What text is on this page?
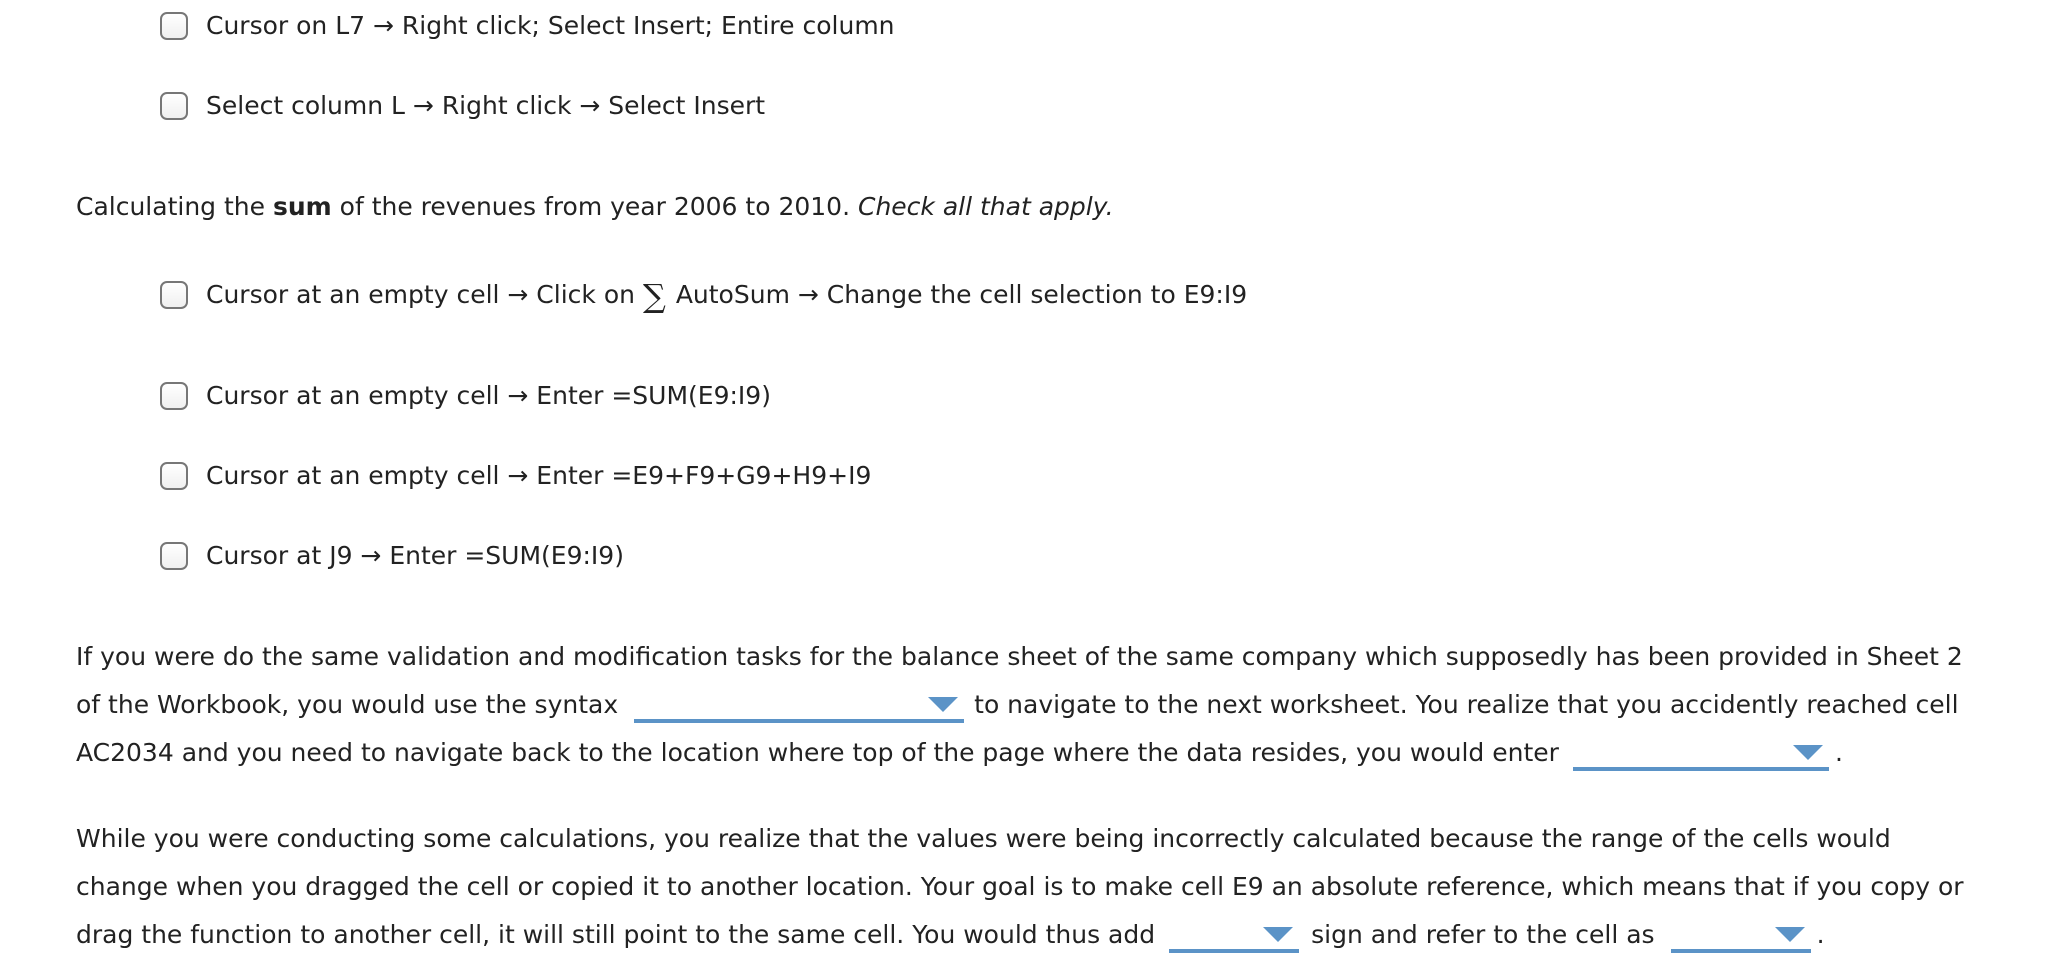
Cursor on L7 → Right click; Select Insert; Entire column
Select column L → Right click → Select Insert
Calculating the sum of the revenues from year 2006 to 2010. Check all that apply.
Cursor at an empty cell → Click on ∑ AutoSum → Change the cell selection to E9:I9
Cursor at an empty cell → Enter =SUM(E9:I9)
Cursor at an empty cell → Enter =E9+F9+G9+H9+I9
Cursor at J9 → Enter =SUM(E9:I9)
If you were do the same validation and modification tasks for the balance sheet of the same company which supposedly has been provided in Sheet 2
of the Workbook, you would use the syntax	to navigate to the next worksheet. You realize that you accidently reached cell
AC2034 and you need to navigate back to the location where top of the page where the data resides, you would enter	.
While you were conducting some calculations, you realize that the values were being incorrectly calculated because the range of the cells would
change when you dragged the cell or copied it to another location. Your goal is to make cell E9 an absolute reference, which means that if you copy or
drag the function to another cell, it will still point to the same cell. You would thus add	sign and refer to the cell as	.
